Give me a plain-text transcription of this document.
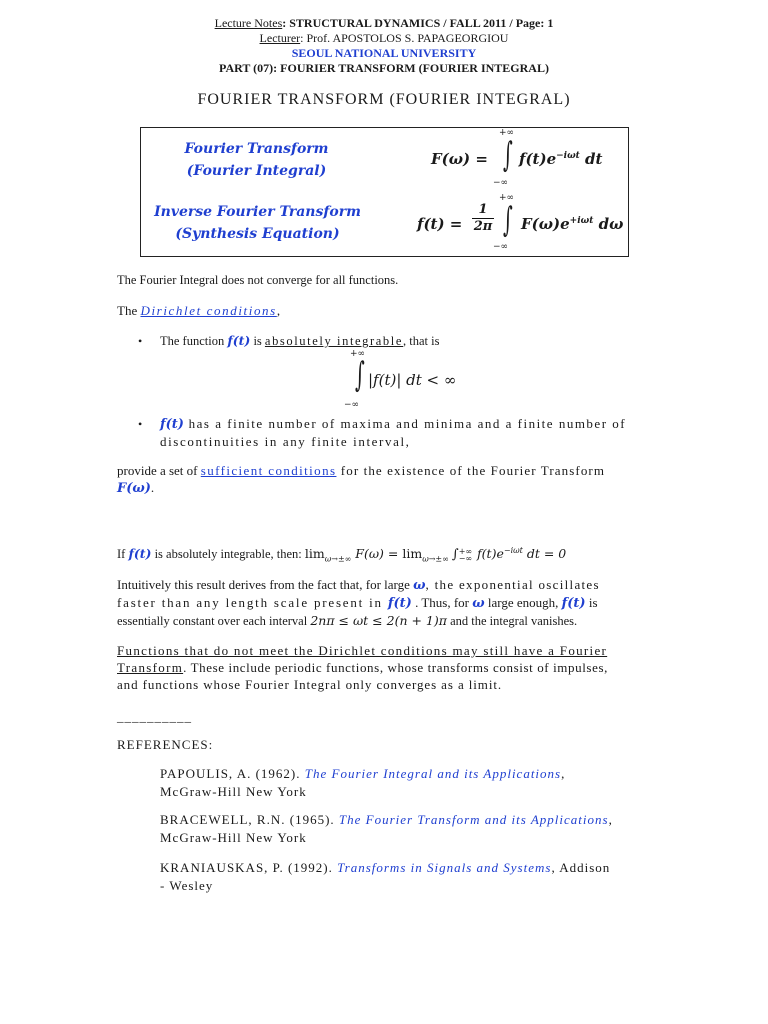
Lecture Notes: STRUCTURAL DYNAMICS / FALL 2011 / Page: 1
Lecturer: Prof. APOSTOLOS S. PAPAGEORGIOU
SEOUL NATIONAL UNIVERSITY
PART (07): FOURIER TRANSFORM (FOURIER INTEGRAL)
FOURIER TRANSFORM (FOURIER INTEGRAL)
Fourier Transform
(Fourier Integral)
Inverse Fourier Transform
(Synthesis Equation)
F(ω) =
+∞
∫
−∞
$f(t)e^{-i\omega t}$ dt
+∞
$f(t) = \frac{1}{2\pi}$ ∫
−∞
$F(\omega)e^{+i\omega t}$ dω
The Fourier Integral does not converge for all functions.
The Dirichlet conditions,
• The function f(t) is absolutely integrable, that is
+∞
∫
−∞
|f(t)| dt < ∞
• f(t) has a finite number of maxima and minima and a finite number of
discontinuities in any finite interval,
provide a set of sufficient conditions for the existence of the Fourier Transform
F(ω).
If f(t) is absolutely integrable, then: $\lim_{\omega\to\pm\infty} F(\omega) = \lim_{\omega\to\pm\infty}$ ∫ +∞
−∞ $f(t)e^{-i\omega t}$ dt = 0
Intuitively this result derives from the fact that, for large ω, the exponential oscillates
faster than any length scale present in f(t) . Thus, for ω large enough, f(t) is
essentially constant over each interval 2nπ ≤ ωt ≤ 2(n + 1)π and the integral vanishes.
Functions that do not meet the Dirichlet conditions may still have a Fourier
Transform. These include periodic functions, whose transforms consist of impulses,
and functions whose Fourier Integral only converges as a limit.
__________
REFERENCES:
PAPOULIS, A. (1962). The Fourier Integral and its Applications,
McGraw-Hill New York
BRACEWELL, R.N. (1965). The Fourier Transform and its Applications,
McGraw-Hill New York
KRANIAUSKAS, P. (1992). Transforms in Signals and Systems, Addison
- Wesley
